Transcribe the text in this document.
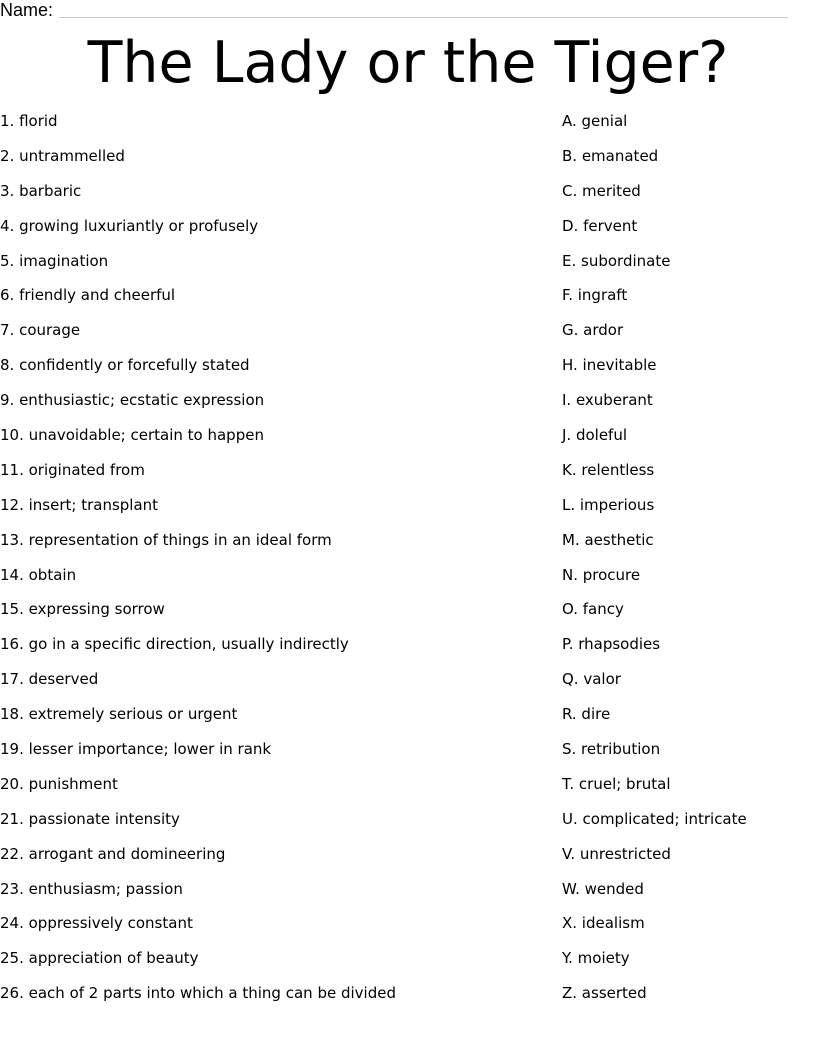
Name:
The Lady or the Tiger?
1. florid
2. untrammelled
3. barbaric
4. growing luxuriantly or profusely
5. imagination
6. friendly and cheerful
7. courage
8. confidently or forcefully stated
9. enthusiastic; ecstatic expression
10. unavoidable; certain to happen
11. originated from
12. insert; transplant
13. representation of things in an ideal form
14. obtain
15. expressing sorrow
16. go in a specific direction, usually indirectly
17. deserved
18. extremely serious or urgent
19. lesser importance; lower in rank
20. punishment
21. passionate intensity
22. arrogant and domineering
23. enthusiasm; passion
24. oppressively constant
25. appreciation of beauty
26. each of 2 parts into which a thing can be divided
A. genial
B. emanated
C. merited
D. fervent
E. subordinate
F. ingraft
G. ardor
H. inevitable
I. exuberant
J. doleful
K. relentless
L. imperious
M. aesthetic
N. procure
O. fancy
P. rhapsodies
Q. valor
R. dire
S. retribution
T. cruel; brutal
U. complicated; intricate
V. unrestricted
W. wended
X. idealism
Y. moiety
Z. asserted
